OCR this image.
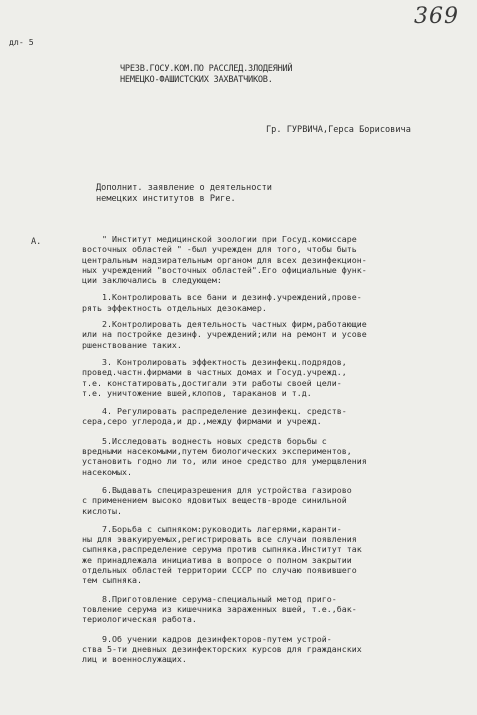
369
дл- 5
ЧРЕЗВ.ГОСУ.КОМ.ПО РАССЛЕД.ЗЛОДЕЯНИЙ
НЕМЕЦКО-ФАШИСТСКИХ ЗАХВАТЧИКОВ.
Гр. ГУРВИЧА,Герса Борисовича
Дополнит. заявление о деятельности
немецких институтов в Риге.
А.	" Институт медицинской зоологии при Госуд.комиссаре
восточных областей " -был учрежден для того, чтобы быть
центральным надзирательным органом для всех дезинфекцион-
ных учреждений "восточных областей".Его официальные функ-
ции заключались в следующем:

1.Контролировать все бани и дезинф.учреждений,прове-
рять эффектность отдельных дезокамер.

2.Контролировать деятельность частных фирм,работающие
или на постройке дезинф. учреждений;или на ремонт и усове
ршенствование таких.

3. Контролировать эффектность дезинфекц.подрядов,
провед.частн.фирмами в частных домах и Госуд.учрежд.,
т.е. констатировать,достигали эти работы своей цели-
т.е. уничтожение вшей,клопов, тараканов и т.д.

4. Регулировать распределение дезинфекц. средств-
сера,серо углерода,и др.,между фирмами и учрежд.

5.Исследовать воднесть новых средств борьбы с
вредными насекомыми,путем биологических экспериментов,
установить годно ли то, или иное средство для умерщвления
насекомых.

6.Выдавать специразрешения для устройства газирово
с применением высоко ядовитых веществ-вроде синильной
кислоты.

7.Борьба с сыпняком:руководить лагерями,каранти-
ны для эвакуируемых,регистрировать все случаи появления
сыпняка,распределение серума против сыпняка.Институт так
же принадлежала инициатива в вопросе о полном закрытии
отдельных областей территории СССР по случаю появившего
тем сыпняка.

8.Приготовление серума-специальный метод приго-
товление серума из кишечника зараженных вшей, т.е.,бак-
териологическая работа.

9.Об учении кадров дезинфекторов-путем устрой-
ства 5-ти дневных дезинфекторских курсов для гражданских
лиц и военнослужащих.
